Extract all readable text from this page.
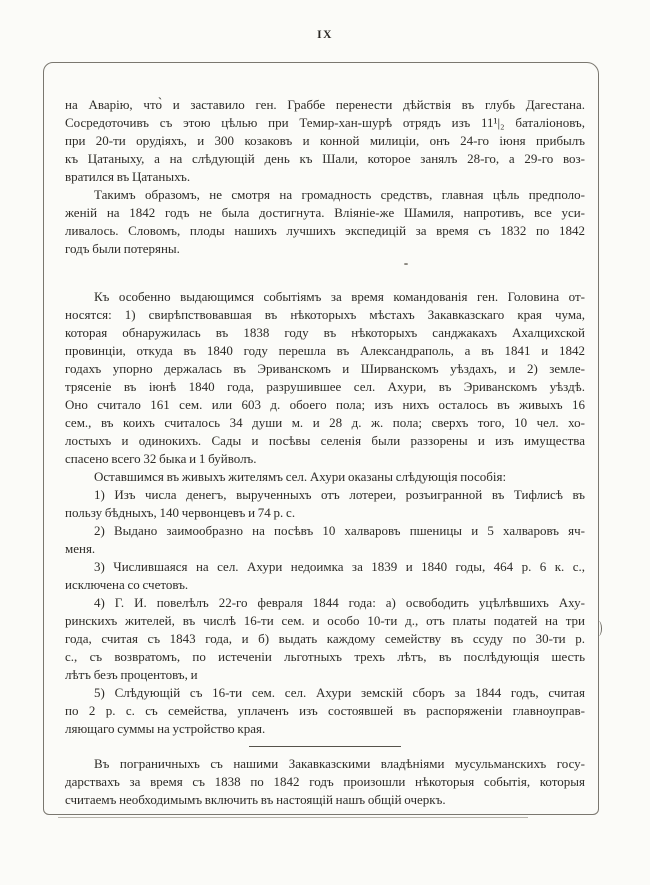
IX
на Аварію, что̀ и заставило ген. Граббе перенести дѣйствія въ глубь Дагестана.
Сосредоточивъ съ этою цѣлью при Темир-хан-шурѣ отрядъ изъ 11¹|₂ баталіоновъ,
при 20-ти орудіяхъ, и 300 козаковъ и конной милиціи, онъ 24-го іюня прибылъ
къ Цатаныху, а на слѣдующій день къ Шали, которое занялъ 28-го, а 29-го воз-
вратился въ Цатаныхъ.
Такимъ образомъ, не смотря на громадность средствъ, главная цѣль предполо-
женій на 1842 годъ не была достигнута. Вліяніе-же Шамиля, напротивъ, все уси-
ливалось. Словомъ, плоды нашихъ лучшихъ экспедицій за время съ 1832 по 1842
годъ были потеряны.
Къ особенно выдающимся событіямъ за время командованія ген. Головина от-
носятся: 1) свирѣпствовавшая въ нѣкоторыхъ мѣстахъ Закавказскаго края чума,
которая обнаружилась въ 1838 году въ нѣкоторыхъ санджакахъ Ахалцихской
провинціи, откуда въ 1840 году перешла въ Александраполь, а въ 1841 и 1842
годахъ упорно держалась въ Эриванскомъ и Ширванскомъ уѣздахъ, и 2) земле-
трясеніе въ іюнѣ 1840 года, разрушившее сел. Ахури, въ Эриванскомъ уѣздѣ.
Оно считало 161 сем. или 603 д. обоего пола; изъ нихъ осталось въ живыхъ 16
сем., въ коихъ считалось 34 души м. и 28 д. ж. пола; сверхъ того, 10 чел. хо-
лостыхъ и одинокихъ. Сады и посѣвы селенія были раззорены и изъ имущества
спасено всего 32 быка и 1 буйволъ.
Оставшимся въ живыхъ жителямъ сел. Ахури оказаны слѣдующія пособія:
1) Изъ числа денегъ, вырученныхъ отъ лотереи, розъигранной въ Тифлисѣ въ
пользу бѣдныхъ, 140 червонцевъ и 74 р. с.
2) Выдано заимообразно на посѣвъ 10 халваровъ пшеницы и 5 халваровъ яч-
меня.
3) Числившаяся на сел. Ахури недоимка за 1839 и 1840 годы, 464 р. 6 к. с.,
исключена со счетовъ.
4) Г. И. повелѣлъ 22-го февраля 1844 года: а) освободить уцѣлѣвшихъ Аху-
ринскихъ жителей, въ числѣ 16-ти сем. и особо 10-ти д., отъ платы податей на три
года, считая съ 1843 года, и б) выдать каждому семейству въ ссуду по 30-ти р.
с., съ возвратомъ, по истеченіи льготныхъ трехъ лѣтъ, въ послѣдующія шесть
лѣтъ безъ процентовъ, и
5) Слѣдующій съ 16-ти сем. сел. Ахури земскій сборъ за 1844 годъ, считая
по 2 р. с. съ семейства, уплаченъ изъ состоявшей въ распоряженіи главноуправ-
ляющаго суммы на устройство края.
Въ пограничныхъ съ нашими Закавказскими владѣніями мусульманскихъ госу-
дарствахъ за время съ 1838 по 1842 годъ произошли нѣкоторыя событія, которыя
считаемъ необходимымъ включить въ настоящій нашъ общій очеркъ.
